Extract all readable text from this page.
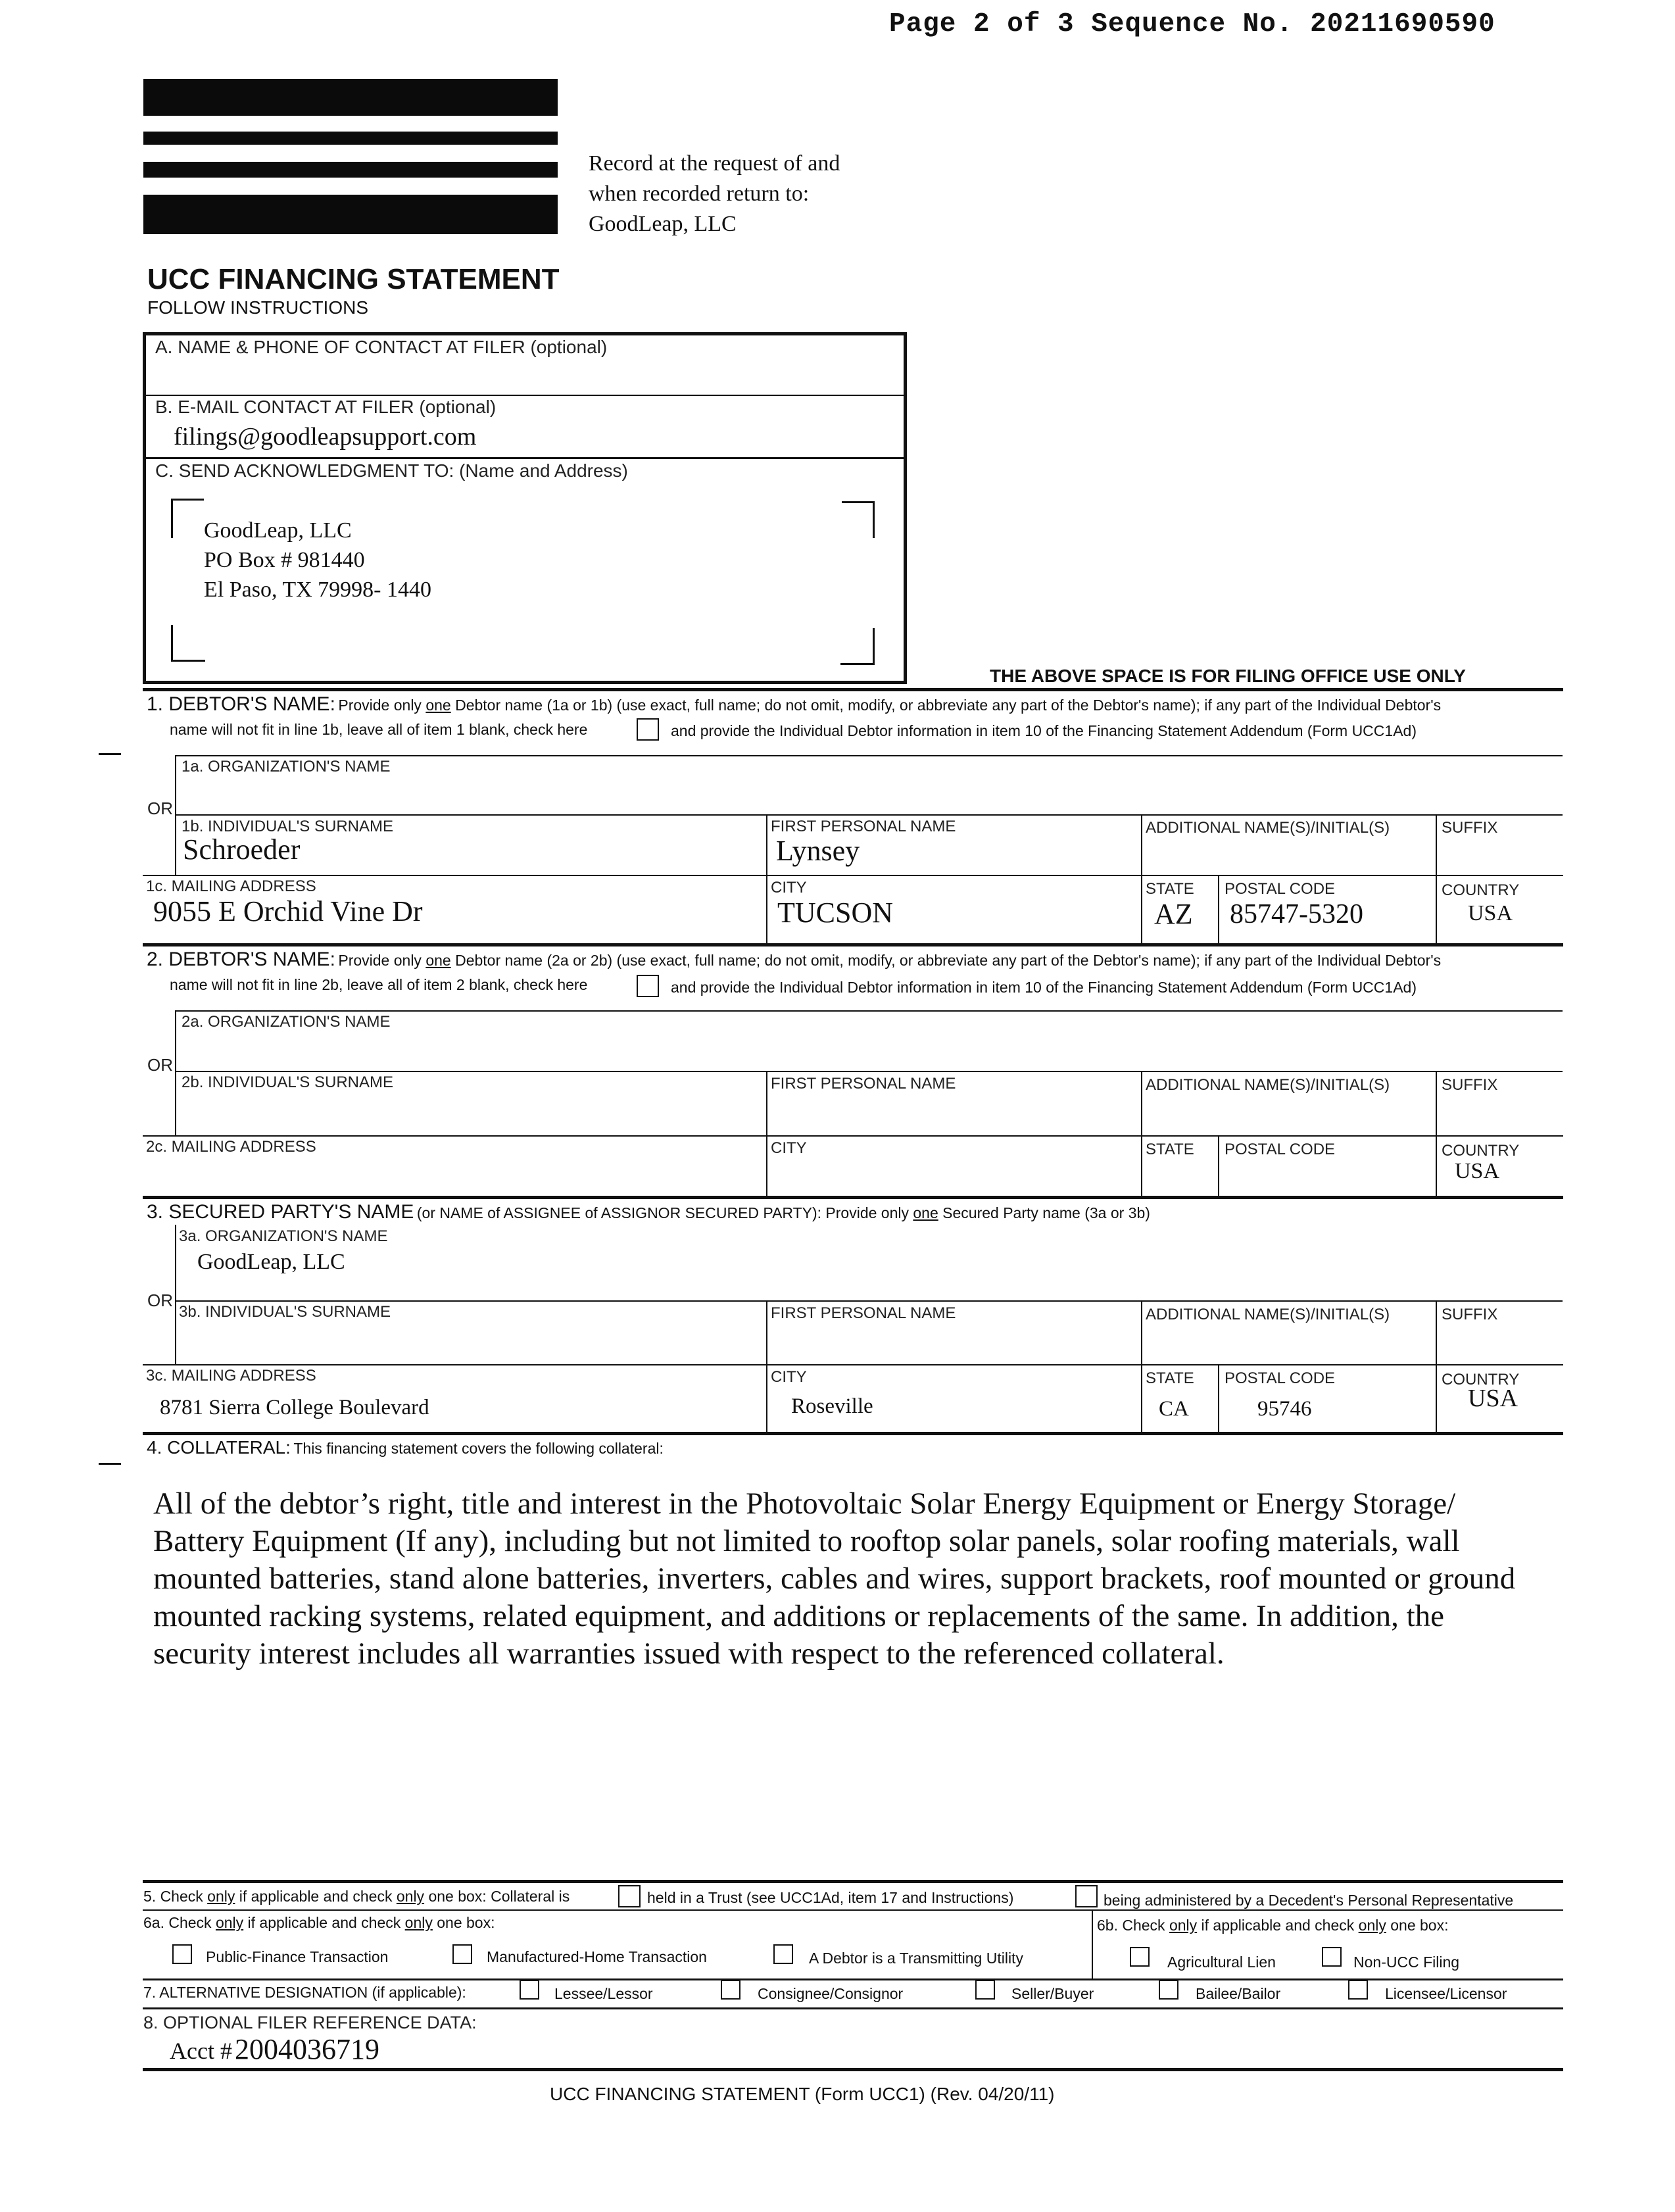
Page 2 of 3 Sequence No. 20211690590
Record at the request of and
when recorded return to:
GoodLeap, LLC
UCC FINANCING STATEMENT
FOLLOW INSTRUCTIONS
A. NAME & PHONE OF CONTACT AT FILER (optional)
B. E-MAIL CONTACT AT FILER (optional)
filings@goodleapsupport.com
C. SEND ACKNOWLEDGMENT TO: (Name and Address)
GoodLeap, LLC
PO Box # 981440
El Paso, TX 79998- 1440
THE ABOVE SPACE IS FOR FILING OFFICE USE ONLY
1. DEBTOR'S NAME: Provide only one Debtor name (1a or 1b) (use exact, full name; do not omit, modify, or abbreviate any part of the Debtor's name); if any part of the Individual Debtor's
name will not fit in line 1b, leave all of item 1 blank, check here	and provide the Individual Debtor information in item 10 of the Financing Statement Addendum (Form UCC1Ad)
1a. ORGANIZATION'S NAME
OR
1b. INDIVIDUAL'S SURNAME
Schroeder
FIRST PERSONAL NAME
Lynsey
ADDITIONAL NAME(S)/INITIAL(S)	SUFFIX
1c. MAILING ADDRESS
9055 E Orchid Vine Dr
CITY
TUCSON
STATE
AZ
POSTAL CODE
85747-5320
COUNTRY
USA
2. DEBTOR'S NAME: Provide only one Debtor name (2a or 2b) (use exact, full name; do not omit, modify, or abbreviate any part of the Debtor's name); if any part of the Individual Debtor's
name will not fit in line 2b, leave all of item 2 blank, check here	and provide the Individual Debtor information in item 10 of the Financing Statement Addendum (Form UCC1Ad)
2a. ORGANIZATION'S NAME
OR
2b. INDIVIDUAL'S SURNAME	FIRST PERSONAL NAME	ADDITIONAL NAME(S)/INITIAL(S)	SUFFIX
2c. MAILING ADDRESS	CITY	STATE POSTAL CODE	COUNTRY
USA
3. SECURED PARTY'S NAME (or NAME of ASSIGNEE of ASSIGNOR SECURED PARTY): Provide only one Secured Party name (3a or 3b)
3a. ORGANIZATION'S NAME
GoodLeap, LLC
OR
3b. INDIVIDUAL'S SURNAME	FIRST PERSONAL NAME	ADDITIONAL NAME(S)/INITIAL(S)	SUFFIX
3c. MAILING ADDRESS
8781 Sierra College Boulevard
CITY
Roseville
STATE
CA
POSTAL CODE
95746
COUNTRY
USA
4. COLLATERAL: This financing statement covers the following collateral:
All of the debtor’s right, title and interest in the Photovoltaic Solar Energy Equipment or Energy Storage/
Battery Equipment (If any), including but not limited to rooftop solar panels, solar roofing materials, wall
mounted batteries, stand alone batteries, inverters, cables and wires, support brackets, roof mounted or ground
mounted racking systems, related equipment, and additions or replacements of the same. In addition, the
security interest includes all warranties issued with respect to the referenced collateral.
5. Check only if applicable and check only one box: Collateral is	held in a Trust (see UCC1Ad, item 17 and Instructions)	being administered by a Decedent's Personal Representative
6a. Check only if applicable and check only one box:
Public-Finance Transaction	Manufactured-Home Transaction	A Debtor is a Transmitting Utility
6b. Check only if applicable and check only one box:
Agricultural Lien	Non-UCC Filing
7. ALTERNATIVE DESIGNATION (if applicable):	Lessee/Lessor	Consignee/Consignor	Seller/Buyer	Bailee/Bailor	Licensee/Licensor
8. OPTIONAL FILER REFERENCE DATA:
Acct # 2004036719
UCC FINANCING STATEMENT (Form UCC1) (Rev. 04/20/11)
